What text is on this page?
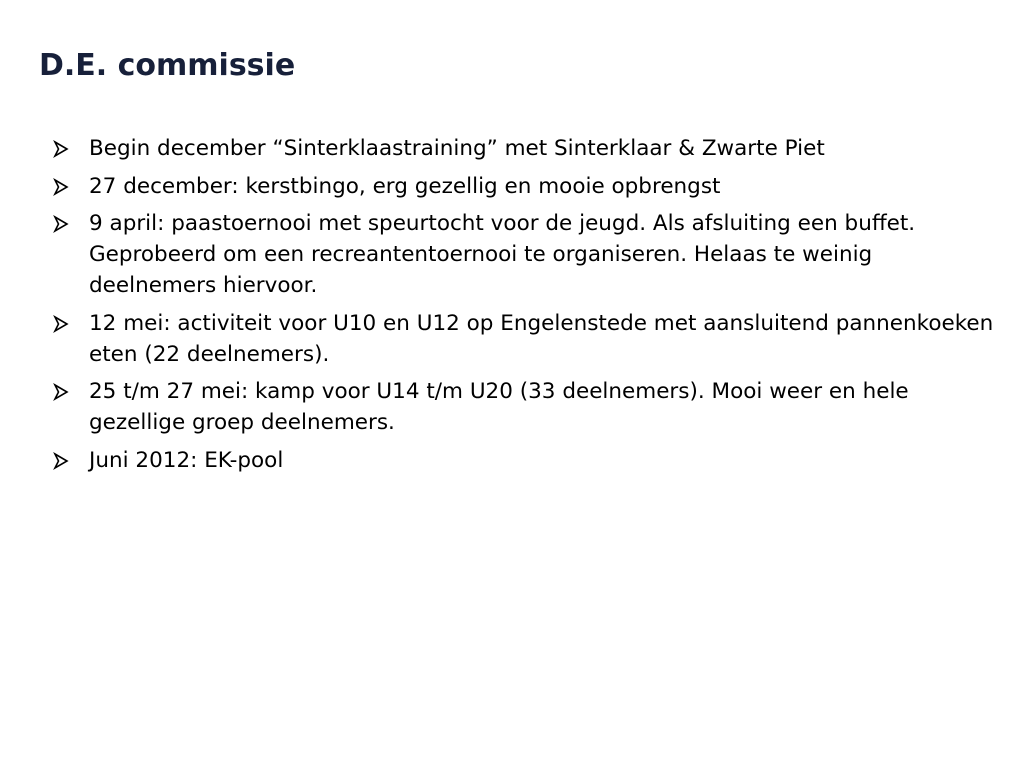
D.E. commissie
Begin december “Sinterklaastraining” met Sinterklaar & Zwarte Piet
27 december: kerstbingo, erg gezellig en mooie opbrengst
9 april: paastoernooi met speurtocht voor de jeugd. Als afsluiting een buffet. Geprobeerd om een recreantentoernooi te organiseren. Helaas te weinig deelnemers hiervoor.
12 mei: activiteit voor U10 en U12 op Engelenstede met aansluitend pannenkoeken eten (22 deelnemers).
25 t/m 27 mei: kamp voor U14 t/m U20 (33 deelnemers). Mooi weer en hele gezellige groep deelnemers.
Juni 2012: EK-pool
